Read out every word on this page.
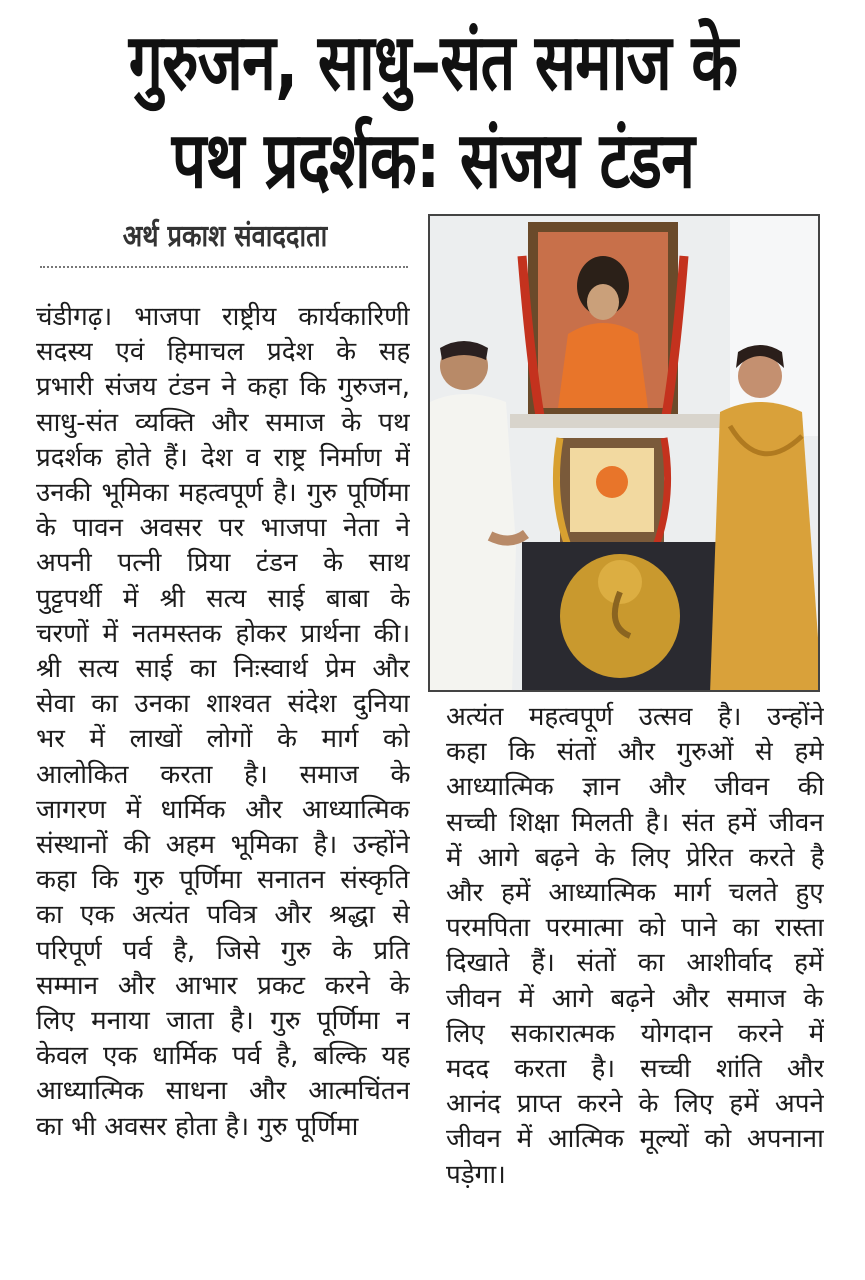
गुरुजन, साधु–संत समाज के
पथ प्रदर्शक: संजय टंडन
अर्थ प्रकाश संवाददाता
चंडीगढ़। भाजपा राष्ट्रीय कार्यकारिणी
सदस्य एवं हिमाचल प्रदेश के सह
प्रभारी संजय टंडन ने कहा कि गुरुजन,
साधु-संत व्यक्ति और समाज के पथ
प्रदर्शक होते हैं। देश व राष्ट्र निर्माण में
उनकी भूमिका महत्वपूर्ण है। गुरु पूर्णिमा
के पावन अवसर पर भाजपा नेता ने
अपनी पत्नी प्रिया टंडन के साथ
पुट्टपर्थी में श्री सत्य साई बाबा के
चरणों में नतमस्तक होकर प्रार्थना की।
श्री सत्य साई का निःस्वार्थ प्रेम और
सेवा का उनका शाश्वत संदेश दुनिया
भर में लाखों लोगों के मार्ग को
आलोकित करता है। समाज के
जागरण में धार्मिक और आध्यात्मिक
संस्थानों की अहम भूमिका है। उन्होंने
कहा कि गुरु पूर्णिमा सनातन संस्कृति
का एक अत्यंत पवित्र और श्रद्धा से
परिपूर्ण पर्व है, जिसे गुरु के प्रति
सम्मान और आभार प्रकट करने के
लिए मनाया जाता है। गुरु पूर्णिमा न
केवल एक धार्मिक पर्व है, बल्कि यह
आध्यात्मिक साधना और आत्मचिंतन
का भी अवसर होता है। गुरु पूर्णिमा
अत्यंत महत्वपूर्ण उत्सव है। उन्होंने
कहा कि संतों और गुरुओं से हमे
आध्यात्मिक ज्ञान और जीवन की
सच्ची शिक्षा मिलती है। संत हमें जीवन
में आगे बढ़ने के लिए प्रेरित करते है
और हमें आध्यात्मिक मार्ग चलते हुए
परमपिता परमात्मा को पाने का रास्ता
दिखाते हैं। संतों का आशीर्वाद हमें
जीवन में आगे बढ़ने और समाज के
लिए सकारात्मक योगदान करने में
मदद करता है। सच्ची शांति और
आनंद प्राप्त करने के लिए हमें अपने
जीवन में आत्मिक मूल्यों को अपनाना
पड़ेगा।
